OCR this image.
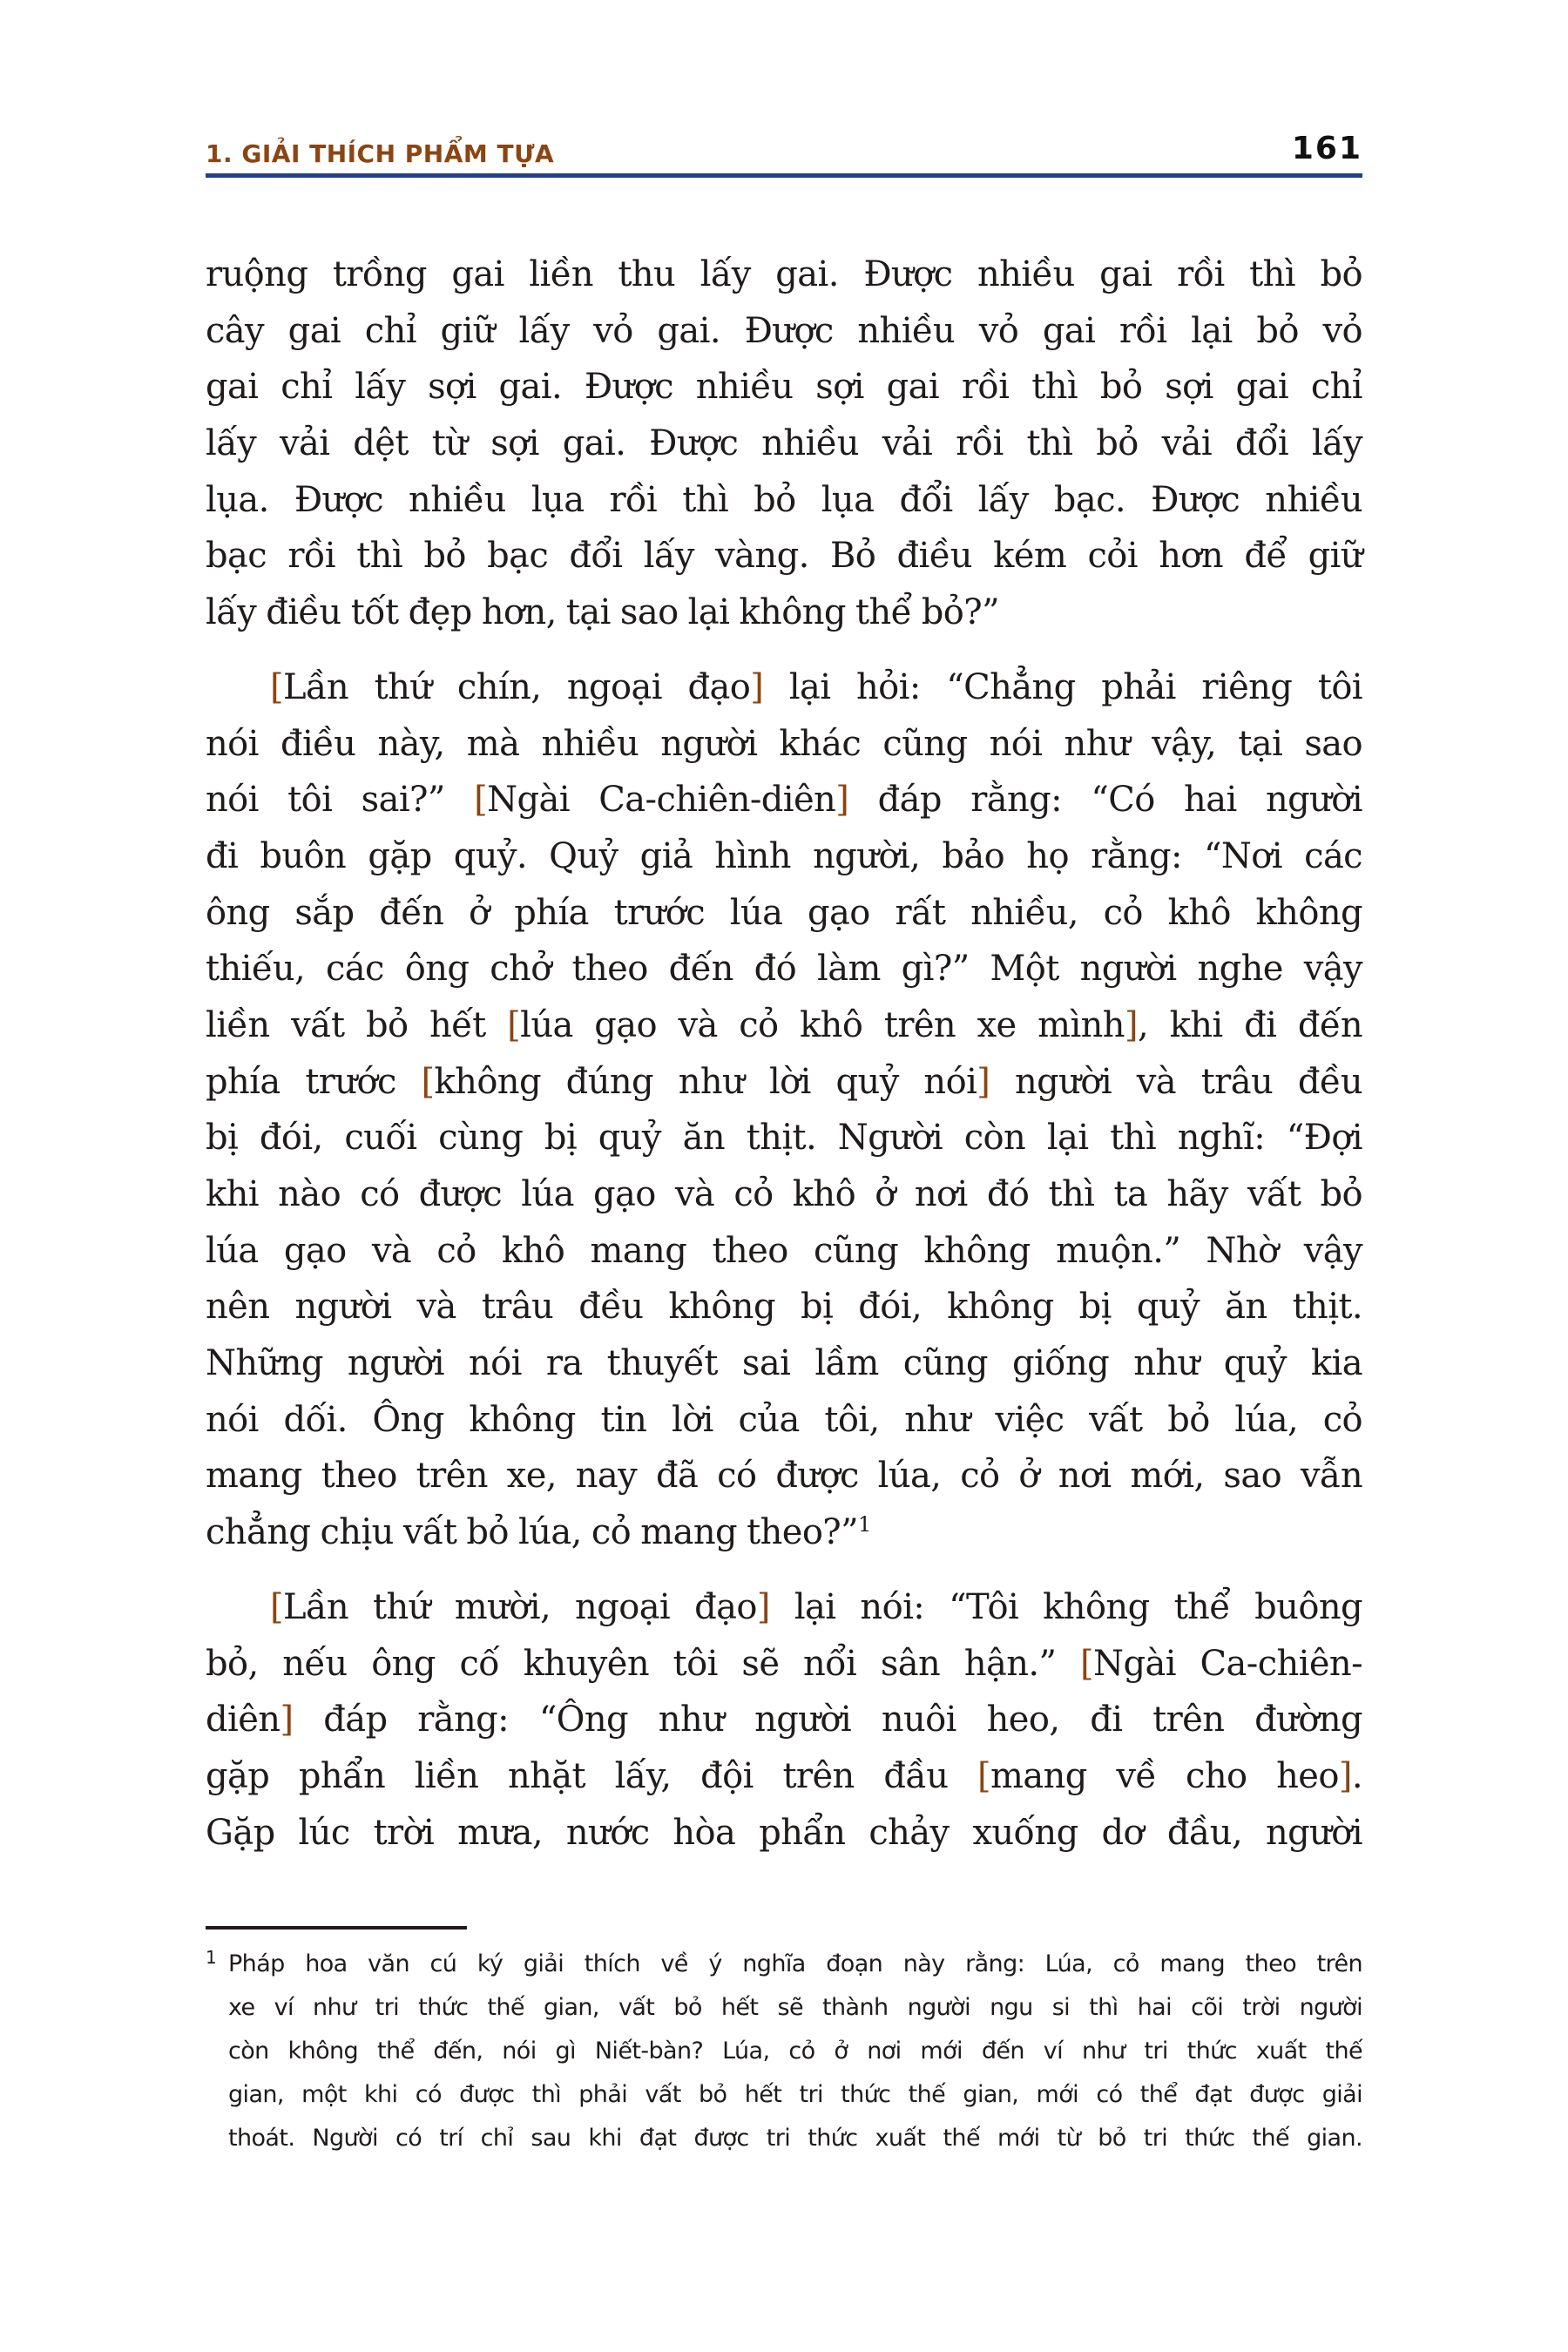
1. GIẢI THÍCH PHẨM TỰA	161
ruộng trồng gai liền thu lấy gai. Được nhiều gai rồi thì bỏ
cây gai chỉ giữ lấy vỏ gai. Được nhiều vỏ gai rồi lại bỏ vỏ
gai chỉ lấy sợi gai. Được nhiều sợi gai rồi thì bỏ sợi gai chỉ
lấy vải dệt từ sợi gai. Được nhiều vải rồi thì bỏ vải đổi lấy
lụa. Được nhiều lụa rồi thì bỏ lụa đổi lấy bạc. Được nhiều
bạc rồi thì bỏ bạc đổi lấy vàng. Bỏ điều kém cỏi hơn để giữ
lấy điều tốt đẹp hơn, tại sao lại không thể bỏ?”
[Lần thứ chín, ngoại đạo] lại hỏi: “Chẳng phải riêng tôi
nói điều này, mà nhiều người khác cũng nói như vậy, tại sao
nói tôi sai?” [Ngài Ca-chiên-diên] đáp rằng: “Có hai người
đi buôn gặp quỷ. Quỷ giả hình người, bảo họ rằng: “Nơi các
ông sắp đến ở phía trước lúa gạo rất nhiều, cỏ khô không
thiếu, các ông chở theo đến đó làm gì?” Một người nghe vậy
liền vất bỏ hết [lúa gạo và cỏ khô trên xe mình], khi đi đến
phía trước [không đúng như lời quỷ nói] người và trâu đều
bị đói, cuối cùng bị quỷ ăn thịt. Người còn lại thì nghĩ: “Đợi
khi nào có được lúa gạo và cỏ khô ở nơi đó thì ta hãy vất bỏ
lúa gạo và cỏ khô mang theo cũng không muộn.” Nhờ vậy
nên người và trâu đều không bị đói, không bị quỷ ăn thịt.
Những người nói ra thuyết sai lầm cũng giống như quỷ kia
nói dối. Ông không tin lời của tôi, như việc vất bỏ lúa, cỏ
mang theo trên xe, nay đã có được lúa, cỏ ở nơi mới, sao vẫn
chẳng chịu vất bỏ lúa, cỏ mang theo?”$^1$
[Lần thứ mười, ngoại đạo] lại nói: “Tôi không thể buông
bỏ, nếu ông cố khuyên tôi sẽ nổi sân hận.” [Ngài Ca-chiên-
diên] đáp rằng: “Ông như người nuôi heo, đi trên đường
gặp phẩn liền nhặt lấy, đội trên đầu [mang về cho heo].
Gặp lúc trời mưa, nước hòa phẩn chảy xuống dơ đầu, người
1 Pháp hoa văn cú ký giải thích về ý nghĩa đoạn này rằng: Lúa, cỏ mang theo trên
xe ví như tri thức thế gian, vất bỏ hết sẽ thành người ngu si thì hai cõi trời người
còn không thể đến, nói gì Niết-bàn? Lúa, cỏ ở nơi mới đến ví như tri thức xuất thế
gian, một khi có được thì phải vất bỏ hết tri thức thế gian, mới có thể đạt được giải
thoát. Người có trí chỉ sau khi đạt được tri thức xuất thế mới từ bỏ tri thức thế gian.
